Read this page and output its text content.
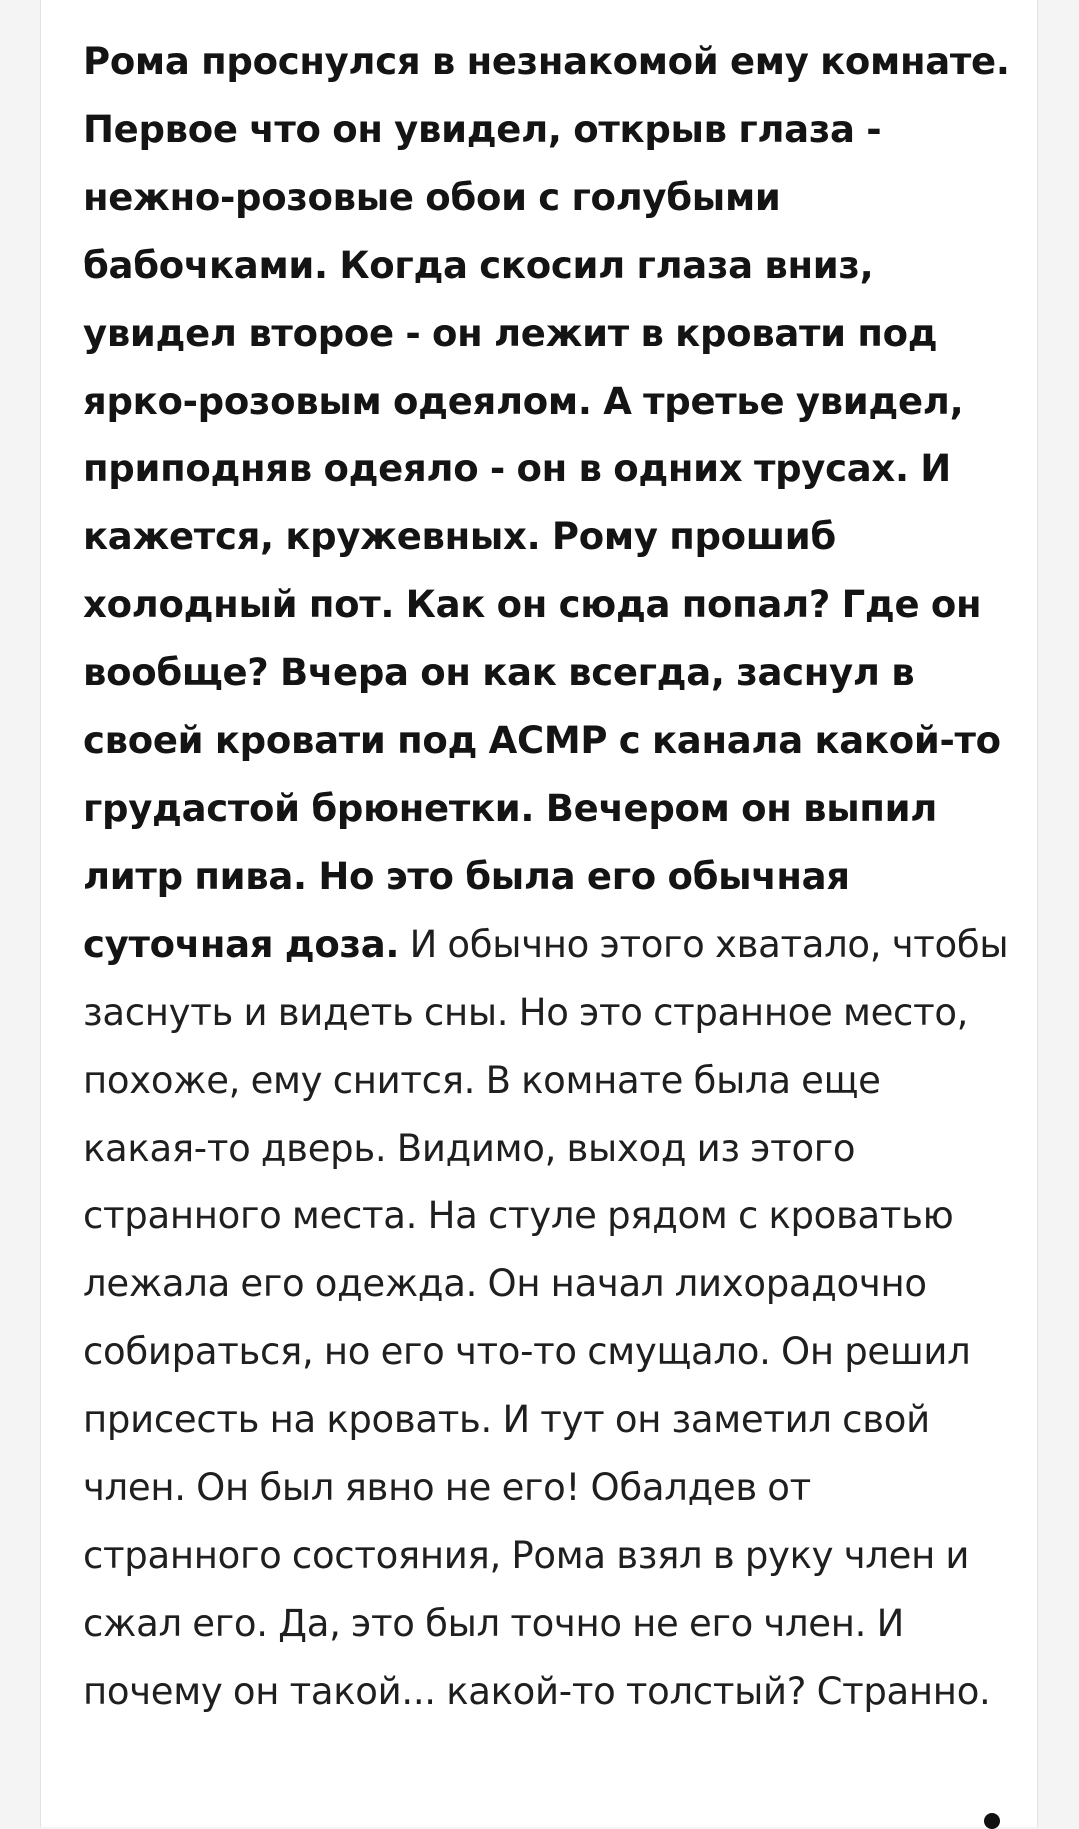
Рома проснулся в незнакомой ему комнате. Первое что он увидел, открыв глаза - нежно-розовые обои с голубыми бабочками. Когда скосил глаза вниз, увидел второе - он лежит в кровати под ярко-розовым одеялом. А третье увидел, приподняв одеяло - он в одних трусах. И кажется, кружевных. Рому прошиб холодный пот. Как он сюда попал? Где он вообще? Вчера он как всегда, заснул в своей кровати под АСМР с канала какой-то грудастой брюнетки. Вечером он выпил литр пива. Но это была его обычная суточная доза. И обычно этого хватало, чтобы заснуть и видеть сны. Но это странное место, похоже, ему снится. В комнате была еще какая-то дверь. Видимо, выход из этого странного места. На стуле рядом с кроватью лежала его одежда. Он начал лихорадочно собираться, но его что-то смущало. Он решил присесть на кровать. И тут он заметил свой член. Он был явно не его! Обалдев от странного состояния, Рома взял в руку член и сжал его. Да, это был точно не его член. И почему он такой... какой-то толстый? Странно.
